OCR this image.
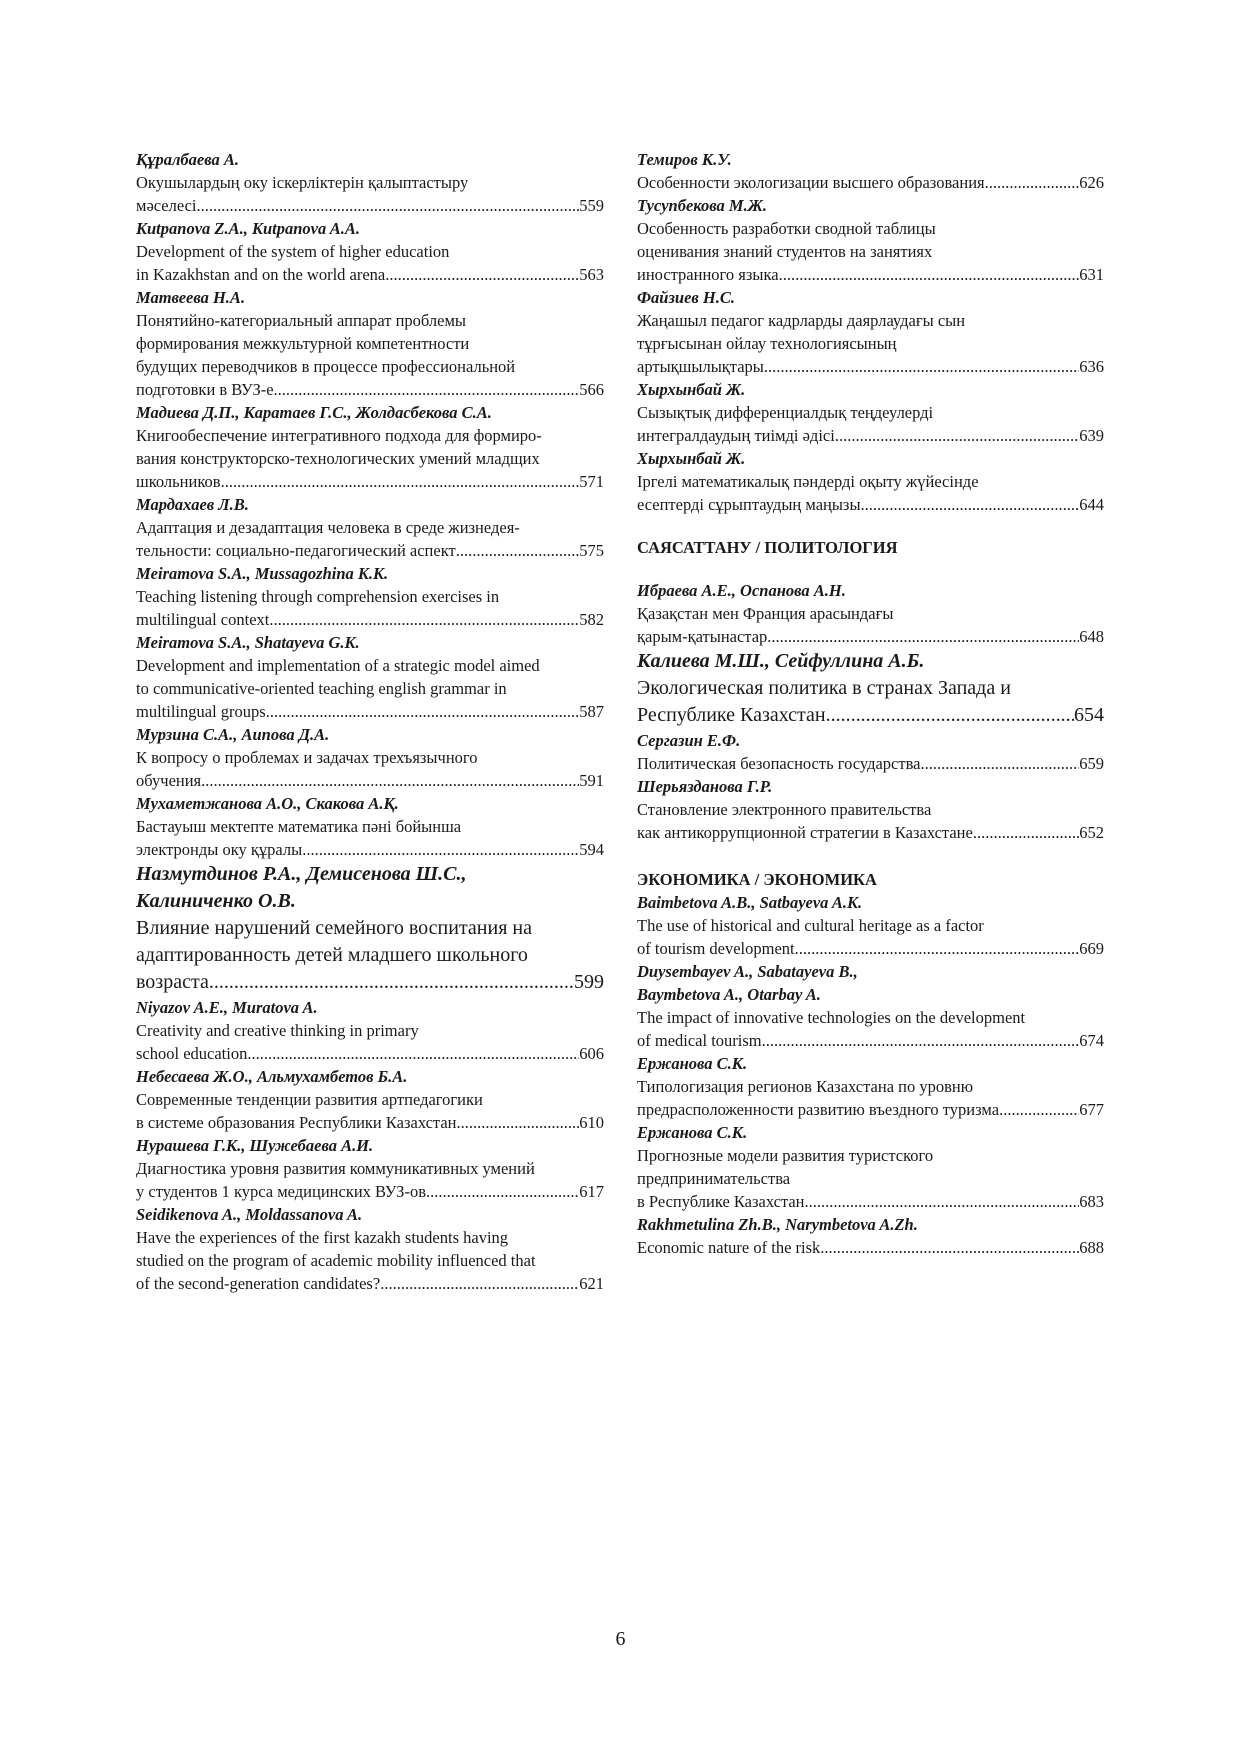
Құралбаева А.
Окушылардың оку іскерліктерін қалыптастыру
мәселесі .....	559
Kutpanova Z.A., Kutpanova A.A.
Development of the system of higher education
in Kazakhstan and on the world arena .....	563
Матвеева Н.А.
Понятийно-категориальный аппарат проблемы
формирования межкультурной компетентности
будущих переводчиков в процессе профессиональной
подготовки в ВУЗ-е .....	566
Мадиева Д.П., Каратаев Г.С., Жолдасбекова С.А.
Книгообеспечение интегративного подхода для формиро-
вания конструкторско-технологических умений младщих
школьников .....	571
Мардахаев Л.В.
Адаптация и дезадаптация человека в среде жизнедея-
тельности: социально-педагогический аспект .....	575
Meiramova S.A., Mussagozhina K.K.
Teaching listening through comprehension exercises in
multilingual context .....	582
Meiramova S.A., Shatayeva G.K.
Development and implementation of a strategic model aimed
to communicative-oriented teaching english grammar in
multilingual groups .....	587
Мурзина С.А., Аипова Д.А.
К вопросу о проблемах и задачах трехъязычного
обучения .....	591
Мухаметжанова А.О., Скакова А.Қ.
Бастауыш мектепте математика пәні бойынша
электронды оку құралы .....	594
Назмутдинов Р.А., Демисенова Ш.С.,
Калиниченко О.В.
Влияние нарушений семейного воспитания на
адаптированность детей младшего школьного
возраста .....	599
Niyazov A.E., Muratova A.
Creativity and creative thinking in primary
school education .....	606
Небесаева Ж.О., Альмухамбетов Б.А.
Современные тенденции развития артпедагогики
в системе образования Республики Казахстан .....	610
Нурашева Г.К., Шужебаева А.И.
Диагностика уровня развития коммуникативных умений
у студентов 1 курса медицинских ВУЗ-ов .....	617
Seidikenova A., Moldassanova A.
Have the experiences of the first kazakh students having
studied on the program of academic mobility influenced that
of the second-generation candidates? .....	621
Темиров К.У.
Особенности экологизации высшего образования .....	626
Тусупбекова М.Ж.
Особенность разработки сводной таблицы
оценивания знаний студентов на занятиях
иностранного языка .....	631
Файзиев Н.С.
Жаңашыл педагог кадрларды даярлаудағы сын
тұрғысынан ойлау технологиясының
артықшылықтары .....	636
Хырхынбай Ж.
Сызықтық дифференциалдық теңдеулерді
интегралдаудың тиімді әдісі .....	639
Хырхынбай Ж.
Іргелі математикалық пәндерді оқыту жүйесінде
есептерді сұрыптаудың маңызы .....	644
САЯСАТТАНУ / ПОЛИТОЛОГИЯ
Ибраева А.Е., Оспанова А.Н.
Қазақстан мен Франция арасындағы
қарым-қатынастар .....	648
Калиева М.Ш., Сейфуллина А.Б.
Экологическая политика в странах Запада и
Республике Казахстан .....	654
Сергазин Е.Ф.
Политическая безопасность государства .....	659
Шерьязданова Г.Р.
Становление электронного правительства
как антикоррупционной стратегии в Казахстане .....	652
ЭКОНОМИКА / ЭКОНОМИКА
Baimbetova A.B., Satbayeva A.K.
The use of historical and cultural heritage as a factor
of tourism development .....	669
Duysembayev A., Sabatayeva B.,
Baymbetova A., Otarbay A.
The impact of innovative technologies on the development
of medical tourism .....	674
Ержанова С.К.
Типологизация регионов Казахстана по уровню
предрасположенности развитию въездного туризма .....	677
Ержанова С.К.
Прогнозные модели развития туристского
предпринимательства
в Республике Казахстан .....	683
Rakhmetulina Zh.B., Narymbetova A.Zh.
Economic nature of the risk .....	688
6
